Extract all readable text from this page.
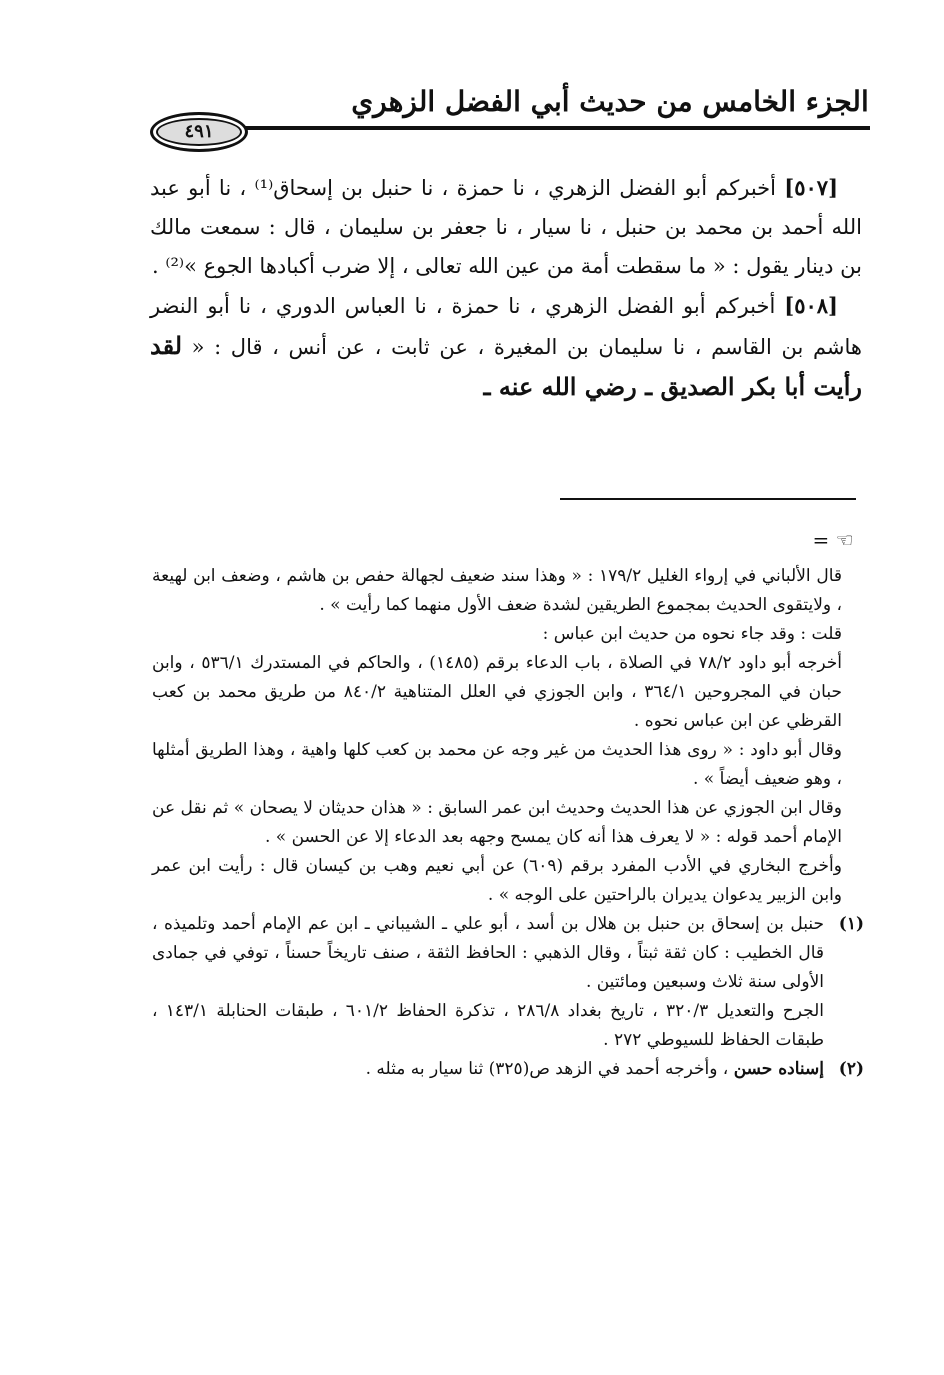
الجزء الخامس من حديث أبي الفضل الزهري
٤٩١

[٥٠٧] أخبركم أبو الفضل الزهري ، نا حمزة ، نا حنبل بن إسحاق⁽¹⁾ ، نا أبو عبد الله أحمد بن محمد بن حنبل ، نا سيار ، نا جعفر بن سليمان ، قال : سمعت مالك بن دينار يقول : « ما سقطت أمة من عين الله تعالى ، إلا ضرب أكبادها الجوع »⁽²⁾ .

[٥٠٨] أخبركم أبو الفضل الزهري ، نا حمزة ، نا العباس الدوري ، نا أبو النضر هاشم بن القاسم ، نا سليمان بن المغيرة ، عن ثابت ، عن أنس ، قال : « لقد رأيت أبا بكر الصديق ـ رضي الله عنه ـ

= ☜

قال الألباني في إرواء الغليل ١٧٩/٢ : « وهذا سند ضعيف لجهالة حفص بن هاشم ، وضعف ابن لهيعة ، ولايتقوى الحديث بمجموع الطريقين لشدة ضعف الأول منهما كما رأيت » .

قلت : وقد جاء نحوه من حديث ابن عباس :

أخرجه أبو داود ٧٨/٢ في الصلاة ، باب الدعاء برقم (١٤٨٥) ، والحاكم في المستدرك ٥٣٦/١ ، وابن حبان في المجروحين ٣٦٤/١ ، وابن الجوزي في العلل المتناهية ٨٤٠/٢ من طريق محمد بن كعب القرظي عن ابن عباس نحوه .

وقال أبو داود : « روى هذا الحديث من غير وجه عن محمد بن كعب كلها واهية ، وهذا الطريق أمثلها ، وهو ضعيف أيضاً » .

وقال ابن الجوزي عن هذا الحديث وحديث ابن عمر السابق : « هذان حديثان لا يصحان » ثم نقل عن الإمام أحمد قوله : « لا يعرف هذا أنه كان يمسح وجهه بعد الدعاء إلا عن الحسن » .

وأخرج البخاري في الأدب المفرد برقم (٦٠٩) عن أبي نعيم وهب بن كيسان قال : رأيت ابن عمر وابن الزبير يدعوان يديران بالراحتين على الوجه » .

(١)
حنبل بن إسحاق بن حنبل بن هلال بن أسد ، أبو علي ـ الشيباني ـ ابن عم الإمام أحمد وتلميذه ، قال الخطيب : كان ثقة ثبتاً ، وقال الذهبي : الحافظ الثقة ، صنف تاريخاً حسناً ، توفي في جمادى الأولى سنة ثلاث وسبعين ومائتين .

الجرح والتعديل ٣٢٠/٣ ، تاريخ بغداد ٢٨٦/٨ ، تذكرة الحفاظ ٦٠١/٢ ، طبقات الحنابلة ١٤٣/١ ، طبقات الحفاظ للسيوطي ٢٧٢ .

(٢)
إسناده حسن ، وأخرجه أحمد في الزهد ص(٣٢٥) ثنا سيار به مثله .
